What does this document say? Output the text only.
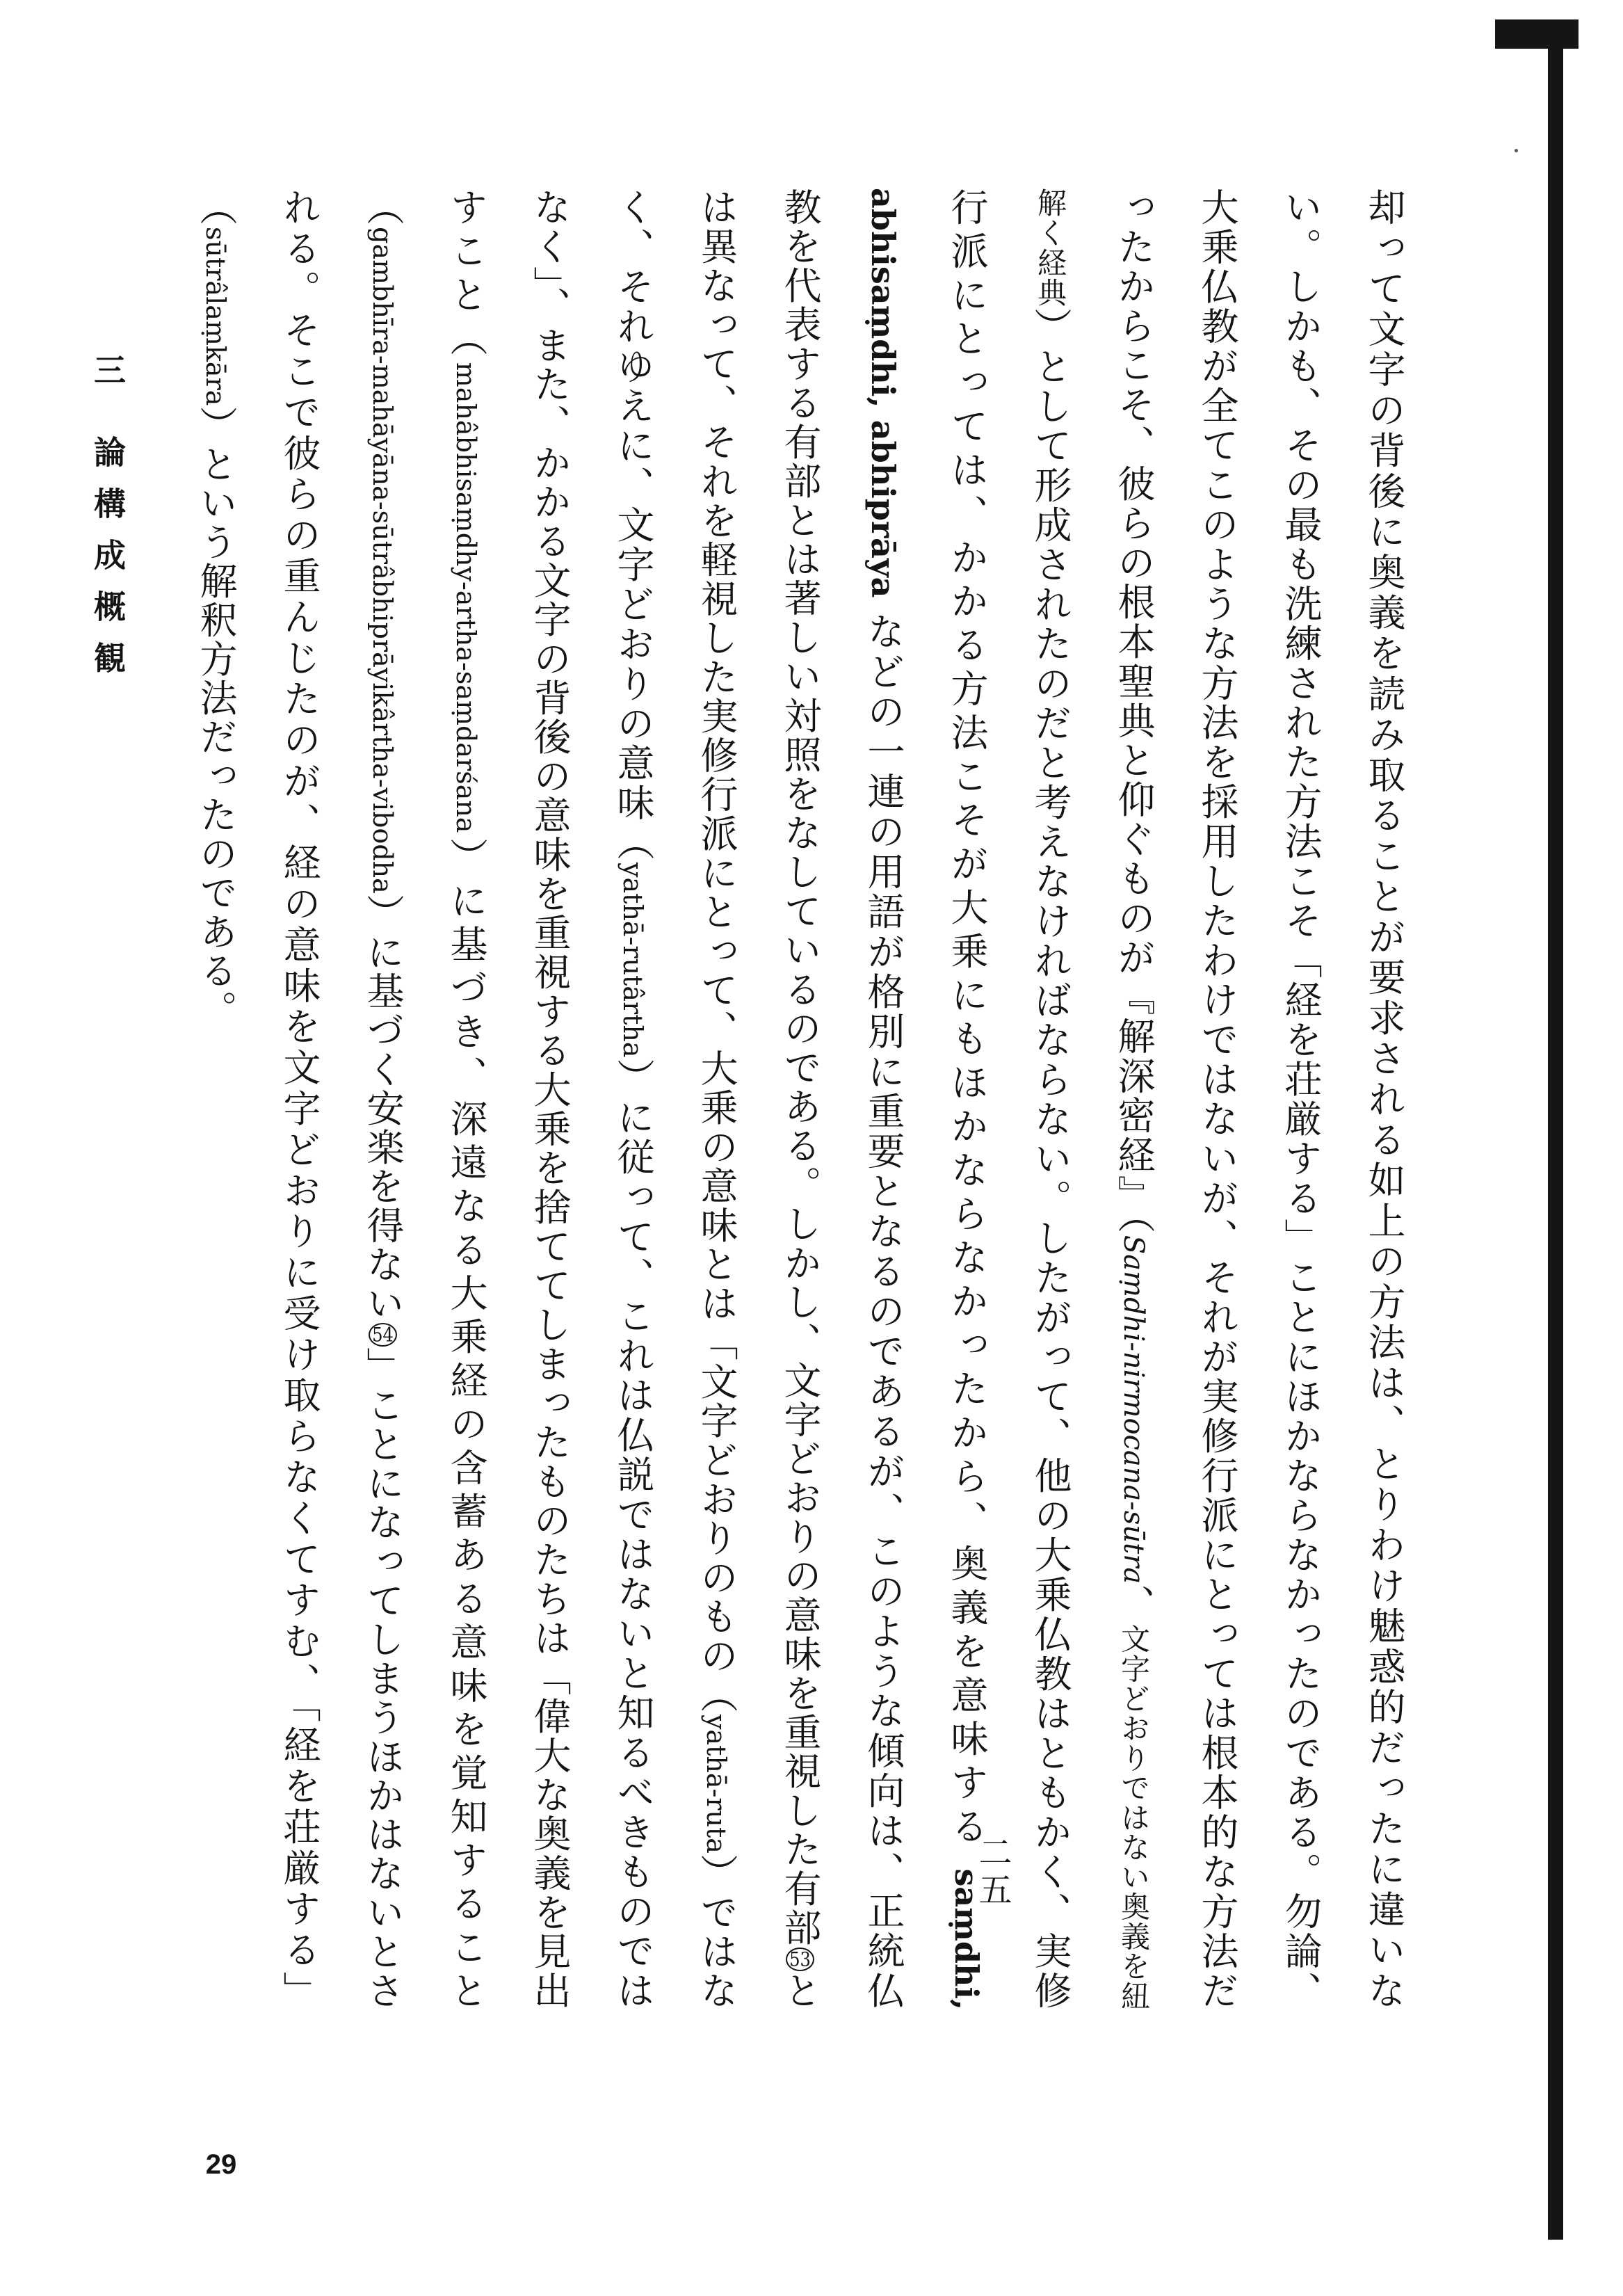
却って文字の背後に奥義を読み取ることが要求される如上の方法は、とりわけ魅惑的だったに違いない。しかも、その最も洗練された方法こそ「経を荘厳する」ことにほかならなかったのである。勿論、大乗仏教が全てこのような方法を採用したわけではないが、それが実修行派にとっては根本的な方法だったからこそ、彼らの根本聖典と仰ぐものが『解深密経』（Saṃdhi-nirmocana-sūtra、文字どおりではない奥義を紐解く経典）として形成されたのだと考えなければならない。したがって、他の大乗仏教はともかく、実修行派にとっては、かかる方法こそが大乗にもほかならなかったから、奥義を意味する saṃdhi, abhisaṃdhi, abhiprāya などの一連の用語が格別に重要となるのであるが、このような傾向は、正統仏教を代表する有部とは著しい対照をなしているのである。しかし、文字どおりの意味を重視した有部53とは異なって、それを軽視した実修行派にとって、大乗の意味とは「文字どおりのもの（yathā-ruta）ではなく、それゆえに、文字どおりの意味（yathā-rutârtha）に従って、これは仏説ではないと知るべきものではなく」、また、かかる文字の背後の意味を重視する大乗を捨ててしまったものたちは「偉大な奥義を見出すこと（mahâbhisaṃdhy-artha-saṃdarśana）に基づき、深遠なる大乗経の含蓄ある意味を覚知すること（gambhīra-mahāyāna-sūtrâbhiprāyikârtha-vibodha）に基づく安楽を得ない54」ことになってしまうほかはないとされる。そこで彼らの重んじたのが、経の意味を文字どおりに受け取らなくてすむ、「経を荘厳する」（sūtrâlaṃkāra）という解釈方法だったのである。

三 論構成概観
二五
29
